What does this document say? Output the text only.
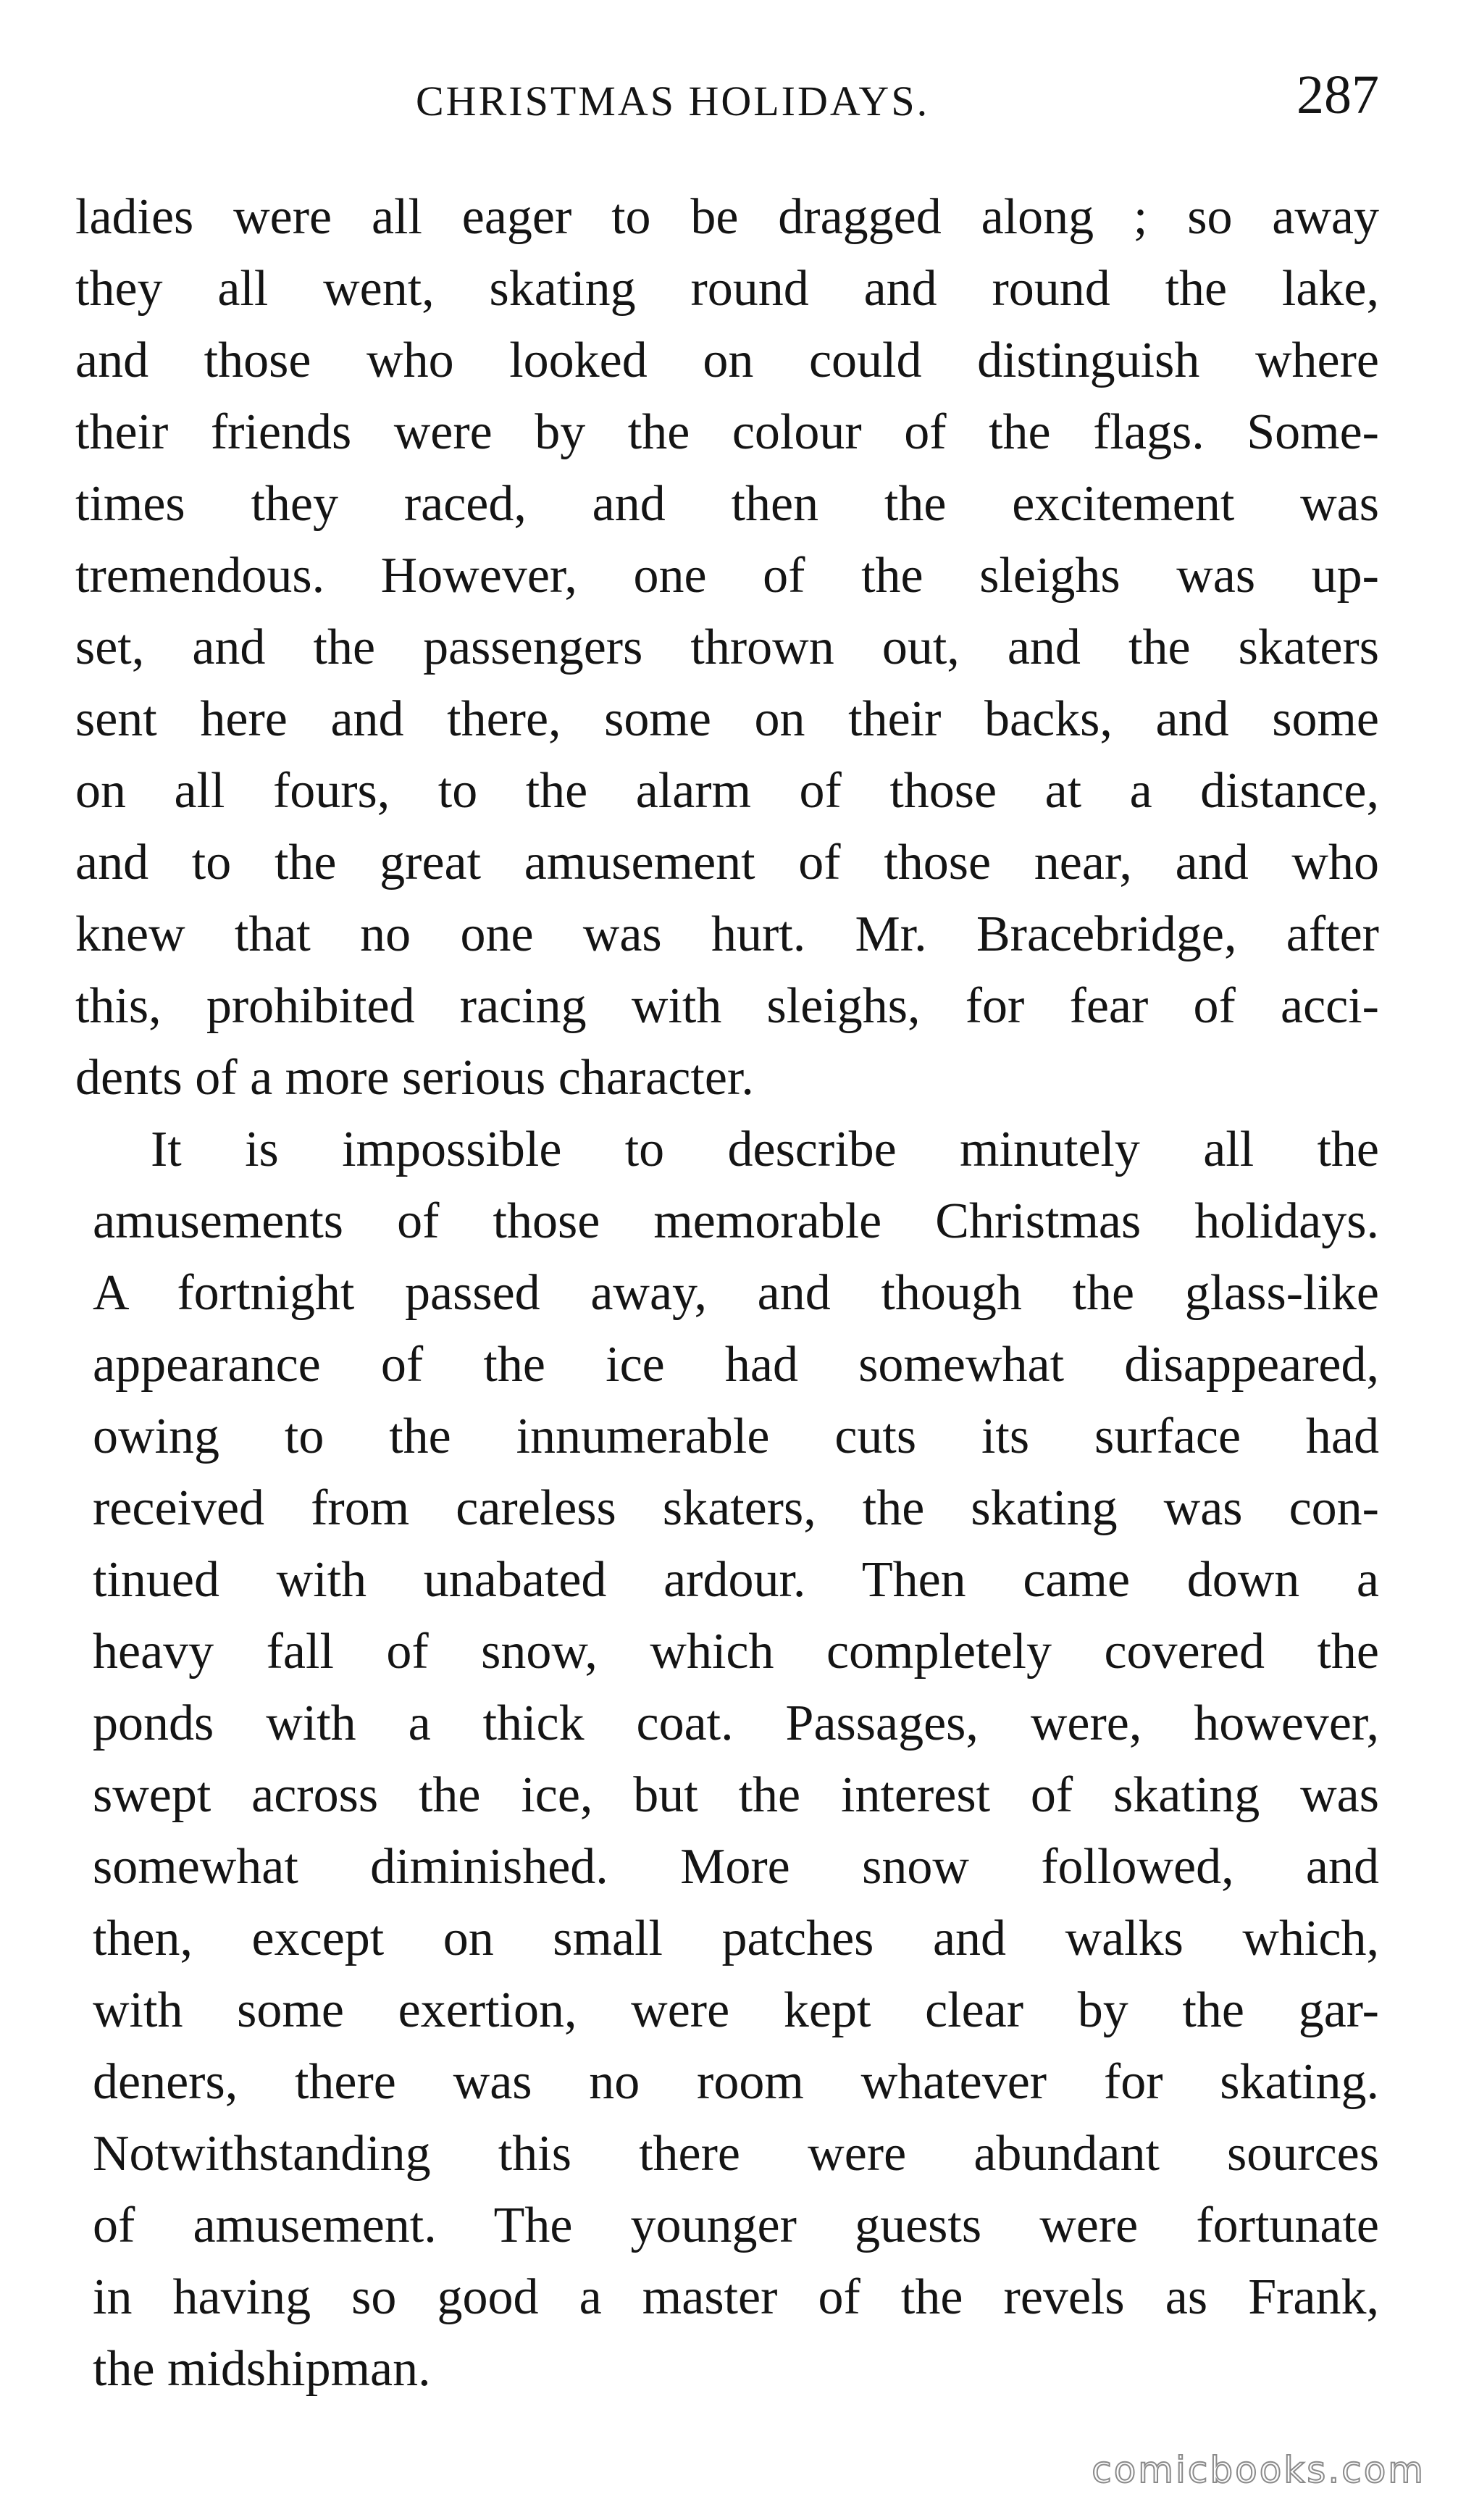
CHRISTMAS HOLIDAYS.	287
ladies were all eager to be dragged along ; so away
they all went, skating round and round the lake,
and those who looked on could distinguish where
their friends were by the colour of the flags. Some-
times they raced, and then the excitement was
tremendous. However, one of the sleighs was up-
set, and the passengers thrown out, and the skaters
sent here and there, some on their backs, and some
on all fours, to the alarm of those at a distance,
and to the great amusement of those near, and who
knew that no one was hurt. Mr. Bracebridge, after
this, prohibited racing with sleighs, for fear of acci-
dents of a more serious character.
It is impossible to describe minutely all the
amusements of those memorable Christmas holidays.
A fortnight passed away, and though the glass-like
appearance of the ice had somewhat disappeared,
owing to the innumerable cuts its surface had
received from careless skaters, the skating was con-
tinued with unabated ardour. Then came down a
heavy fall of snow, which completely covered the
ponds with a thick coat. Passages, were, however,
swept across the ice, but the interest of skating was
somewhat diminished. More snow followed, and
then, except on small patches and walks which,
with some exertion, were kept clear by the gar-
deners, there was no room whatever for skating.
Notwithstanding this there were abundant sources
of amusement. The younger guests were fortunate
in having so good a master of the revels as Frank,
the midshipman.
comicbooks.com
